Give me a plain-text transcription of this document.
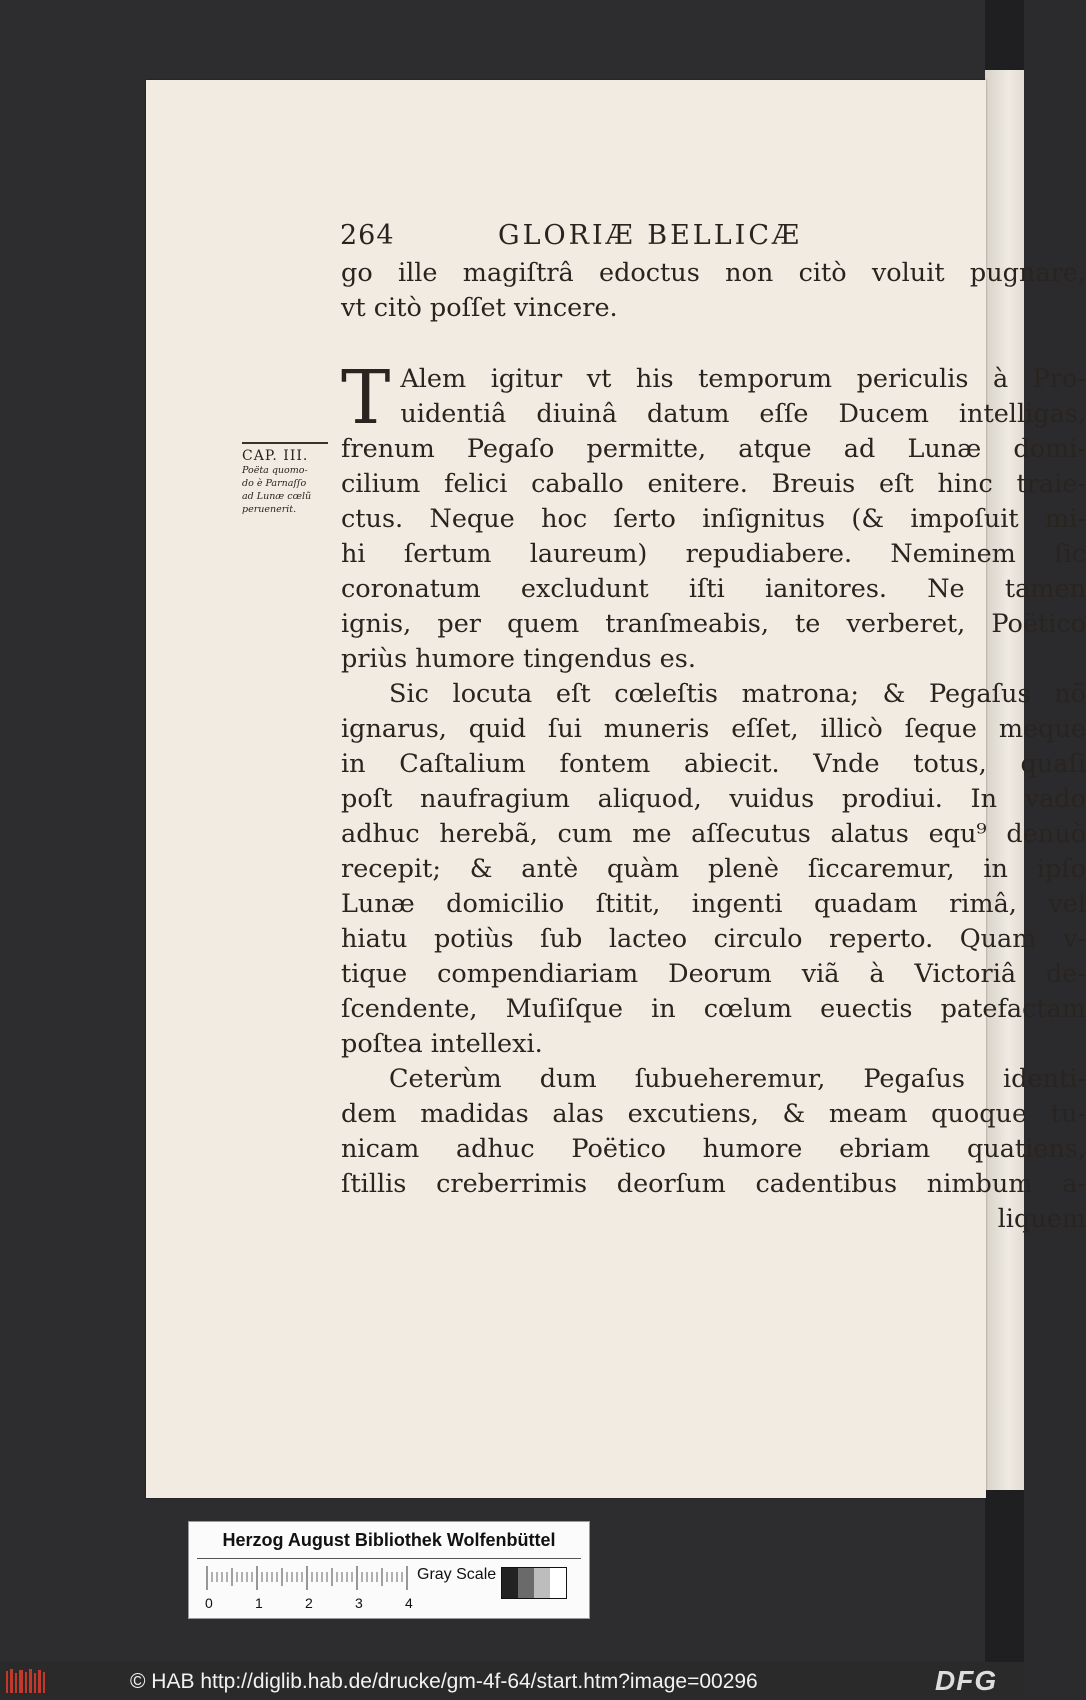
264	GLORIÆ BELLICÆ
CAP. III.
Poëta quomo-
do è Parnaſſo
ad Lunæ cœlũ
peruenerit.
go ille magiſtrâ edoctus non citò voluit pugnare,
vt citò poſſet vincere.
T Alem igitur vt his temporum periculis à Pro-
uidentiâ diuinâ datum eſſe Ducem intelligas,
frenum Pegaſo permitte, atque ad Lunæ domi-
cilium felici caballo enitere. Breuis eſt hinc traie-
ctus. Neque hoc ſerto inſignitus (& impoſuit mi-
hi ſertum laureum) repudiabere. Neminem ſic
coronatum excludunt iſti ianitores. Ne tamen
ignis, per quem tranſmeabis, te verberet, Poëtico
priùs humore tingendus es.
Sic locuta eſt cœleſtis matrona; & Pegaſus nõ
ignarus, quid ſui muneris eſſet, illicò ſeque meque
in Caſtalium fontem abiecit. Vnde totus, quaſi
poſt naufragium aliquod, vuidus prodiui. In vado
adhuc herebã, cum me aſſecutus alatus equ⁹ denuò
recepit; & antè quàm plenè ſiccaremur, in ipſo
Lunæ domicilio ſtitit, ingenti quadam rimâ, vel
hiatu potiùs ſub lacteo circulo reperto. Quam v-
tique compendiariam Deorum viã à Victoriâ de-
ſcendente, Muſiſque in cœlum euectis patefactam
poſtea intellexi.
Ceterùm dum ſubueheremur, Pegaſus identi-
dem madidas alas excutiens, & meam quoque tu-
nicam adhuc Poëtico humore ebriam quatiens,
ſtillis creberrimis deorſum cadentibus nimbum a-
liquem
Herzog August Bibliothek Wolfenbüttel
0	1	2	3	4
Gray Scale
© HAB http://diglib.hab.de/drucke/gm-4f-64/start.htm?image=00296	DFG
